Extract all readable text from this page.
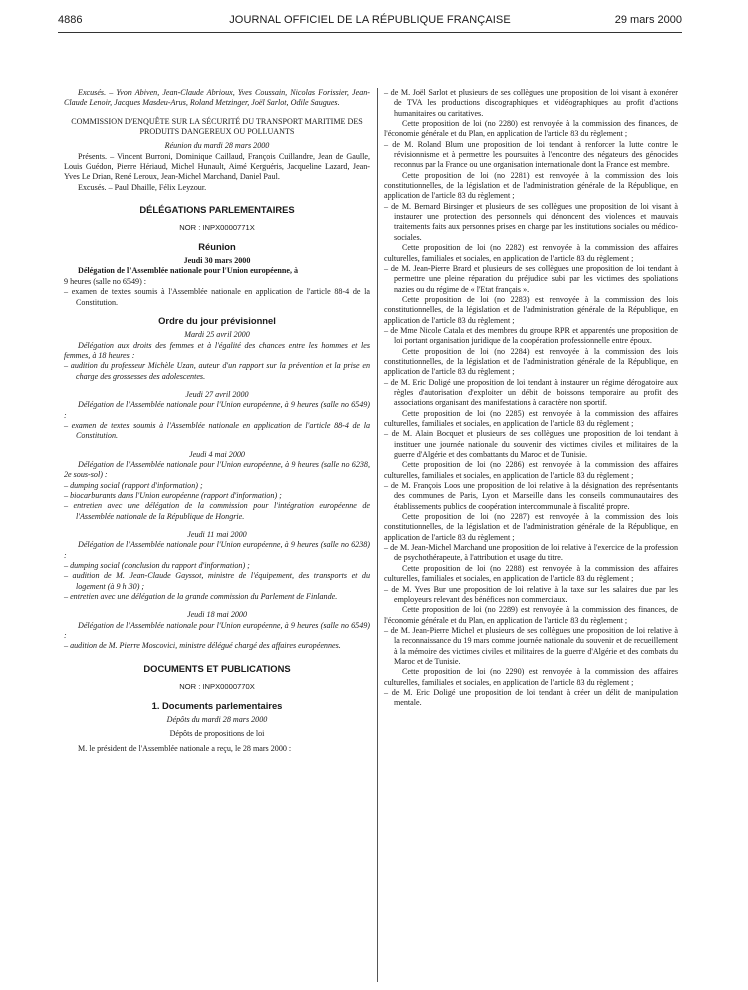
4886	JOURNAL OFFICIEL DE LA RÉPUBLIQUE FRANÇAISE	29 mars 2000

Excusés. – Yvon Abiven, Jean-Claude Abrioux, Yves Coussain, Nicolas Forissier, Jean-Claude Lenoir, Jacques Masdeu-Arus, Roland Metzinger, Joël Sarlot, Odile Saugues.

COMMISSION D'ENQUÊTE SUR LA SÉCURITÉ DU TRANSPORT MARITIME DES PRODUITS DANGEREUX OU POLLUANTS

Réunion du mardi 28 mars 2000

Présents. – Vincent Burroni, Dominique Caillaud, François Cuillandre, Jean de Gaulle, Louis Guédon, Pierre Hériaud, Michel Hunault, Aimé Kerguéris, Jacqueline Lazard, Jean-Yves Le Drian, René Leroux, Jean-Michel Marchand, Daniel Paul.

Excusés. – Paul Dhaille, Félix Leyzour.

DÉLÉGATIONS PARLEMENTAIRES

NOR : INPX0000771X

Réunion

Jeudi 30 mars 2000

Délégation de l'Assemblée nationale pour l'Union européenne, à

9 heures (salle no 6549) :

– examen de textes soumis à l'Assemblée nationale en application de l'article 88-4 de la Constitution.

Ordre du jour prévisionnel

Mardi 25 avril 2000

Délégation aux droits des femmes et à l'égalité des chances entre les hommes et les femmes, à 18 heures :

– audition du professeur Michèle Uzan, auteur d'un rapport sur la prévention et la prise en charge des grossesses des adolescentes.

Jeudi 27 avril 2000

Délégation de l'Assemblée nationale pour l'Union européenne, à 9 heures (salle no 6549) :

– examen de textes soumis à l'Assemblée nationale en application de l'article 88-4 de la Constitution.

Jeudi 4 mai 2000

Délégation de l'Assemblée nationale pour l'Union européenne, à 9 heures (salle no 6238, 2e sous-sol) :

– dumping social (rapport d'information) ;

– biocarburants dans l'Union européenne (rapport d'information) ;

– entretien avec une délégation de la commission pour l'intégration européenne de l'Assemblée nationale de la République de Hongrie.

Jeudi 11 mai 2000

Délégation de l'Assemblée nationale pour l'Union européenne, à 9 heures (salle no 6238) :

– dumping social (conclusion du rapport d'information) ;

– audition de M. Jean-Claude Gayssot, ministre de l'équipement, des transports et du logement (à 9 h 30) ;

– entretien avec une délégation de la grande commission du Parlement de Finlande.

Jeudi 18 mai 2000

Délégation de l'Assemblée nationale pour l'Union européenne, à 9 heures (salle no 6549) :

– audition de M. Pierre Moscovici, ministre délégué chargé des affaires européennes.

DOCUMENTS ET PUBLICATIONS

NOR : INPX0000770X

1. Documents parlementaires

Dépôts du mardi 28 mars 2000

Dépôts de propositions de loi

M. le président de l'Assemblée nationale a reçu, le 28 mars 2000 :

– de M. Joël Sarlot et plusieurs de ses collègues une proposition de loi visant à exonérer de TVA les productions discographiques et vidéographiques au profit d'actions humanitaires ou caritatives.

Cette proposition de loi (no 2280) est renvoyée à la commission des finances, de l'économie générale et du Plan, en application de l'article 83 du règlement ;

– de M. Roland Blum une proposition de loi tendant à renforcer la lutte contre le révisionnisme et à permettre les poursuites à l'encontre des négateurs des génocides reconnus par la France ou une organisation internationale dont la France est membre.

Cette proposition de loi (no 2281) est renvoyée à la commission des lois constitutionnelles, de la législation et de l'administration générale de la République, en application de l'article 83 du règlement ;

– de M. Bernard Birsinger et plusieurs de ses collègues une proposition de loi visant à instaurer une protection des personnels qui dénoncent des violences et mauvais traitements faits aux personnes prises en charge par les institutions sociales ou médico-sociales.

Cette proposition de loi (no 2282) est renvoyée à la commission des affaires culturelles, familiales et sociales, en application de l'article 83 du règlement ;

– de M. Jean-Pierre Brard et plusieurs de ses collègues une proposition de loi tendant à permettre une pleine réparation du préjudice subi par les victimes des spoliations nazies ou du régime de « l'Etat français ».

Cette proposition de loi (no 2283) est renvoyée à la commission des lois constitutionnelles, de la législation et de l'administration générale de la République, en application de l'article 83 du règlement ;

– de Mme Nicole Catala et des membres du groupe RPR et apparentés une proposition de loi portant organisation juridique de la coopération professionnelle entre époux.

Cette proposition de loi (no 2284) est renvoyée à la commission des lois constitutionnelles, de la législation et de l'administration générale de la République, en application de l'article 83 du règlement ;

– de M. Eric Doligé une proposition de loi tendant à instaurer un régime dérogatoire aux règles d'autorisation d'exploiter un débit de boissons temporaire au profit des associations organisant des manifestations à caractère non sportif.

Cette proposition de loi (no 2285) est renvoyée à la commission des affaires culturelles, familiales et sociales, en application de l'article 83 du règlement ;

– de M. Alain Bocquet et plusieurs de ses collègues une proposition de loi tendant à instituer une journée nationale du souvenir des victimes civiles et militaires de la guerre d'Algérie et des combattants du Maroc et de Tunisie.

Cette proposition de loi (no 2286) est renvoyée à la commission des affaires culturelles, familiales et sociales, en application de l'article 83 du règlement ;

– de M. François Loos une proposition de loi relative à la désignation des représentants des communes de Paris, Lyon et Marseille dans les conseils communautaires des établissements publics de coopération intercommunale à fiscalité propre.

Cette proposition de loi (no 2287) est renvoyée à la commission des lois constitutionnelles, de la législation et de l'administration générale de la République, en application de l'article 83 du règlement ;

– de M. Jean-Michel Marchand une proposition de loi relative à l'exercice de la profession de psychothérapeute, à l'attribution et usage du titre.

Cette proposition de loi (no 2288) est renvoyée à la commission des affaires culturelles, familiales et sociales, en application de l'article 83 du règlement ;

– de M. Yves Bur une proposition de loi relative à la taxe sur les salaires due par les employeurs relevant des bénéfices non commerciaux.

Cette proposition de loi (no 2289) est renvoyée à la commission des finances, de l'économie générale et du Plan, en application de l'article 83 du règlement ;

– de M. Jean-Pierre Michel et plusieurs de ses collègues une proposition de loi relative à la reconnaissance du 19 mars comme journée nationale du souvenir et de recueillement à la mémoire des victimes civiles et militaires de la guerre d'Algérie et des combats du Maroc et de Tunisie.

Cette proposition de loi (no 2290) est renvoyée à la commission des affaires culturelles, familiales et sociales, en application de l'article 83 du règlement ;

– de M. Eric Doligé une proposition de loi tendant à créer un délit de manipulation mentale.
